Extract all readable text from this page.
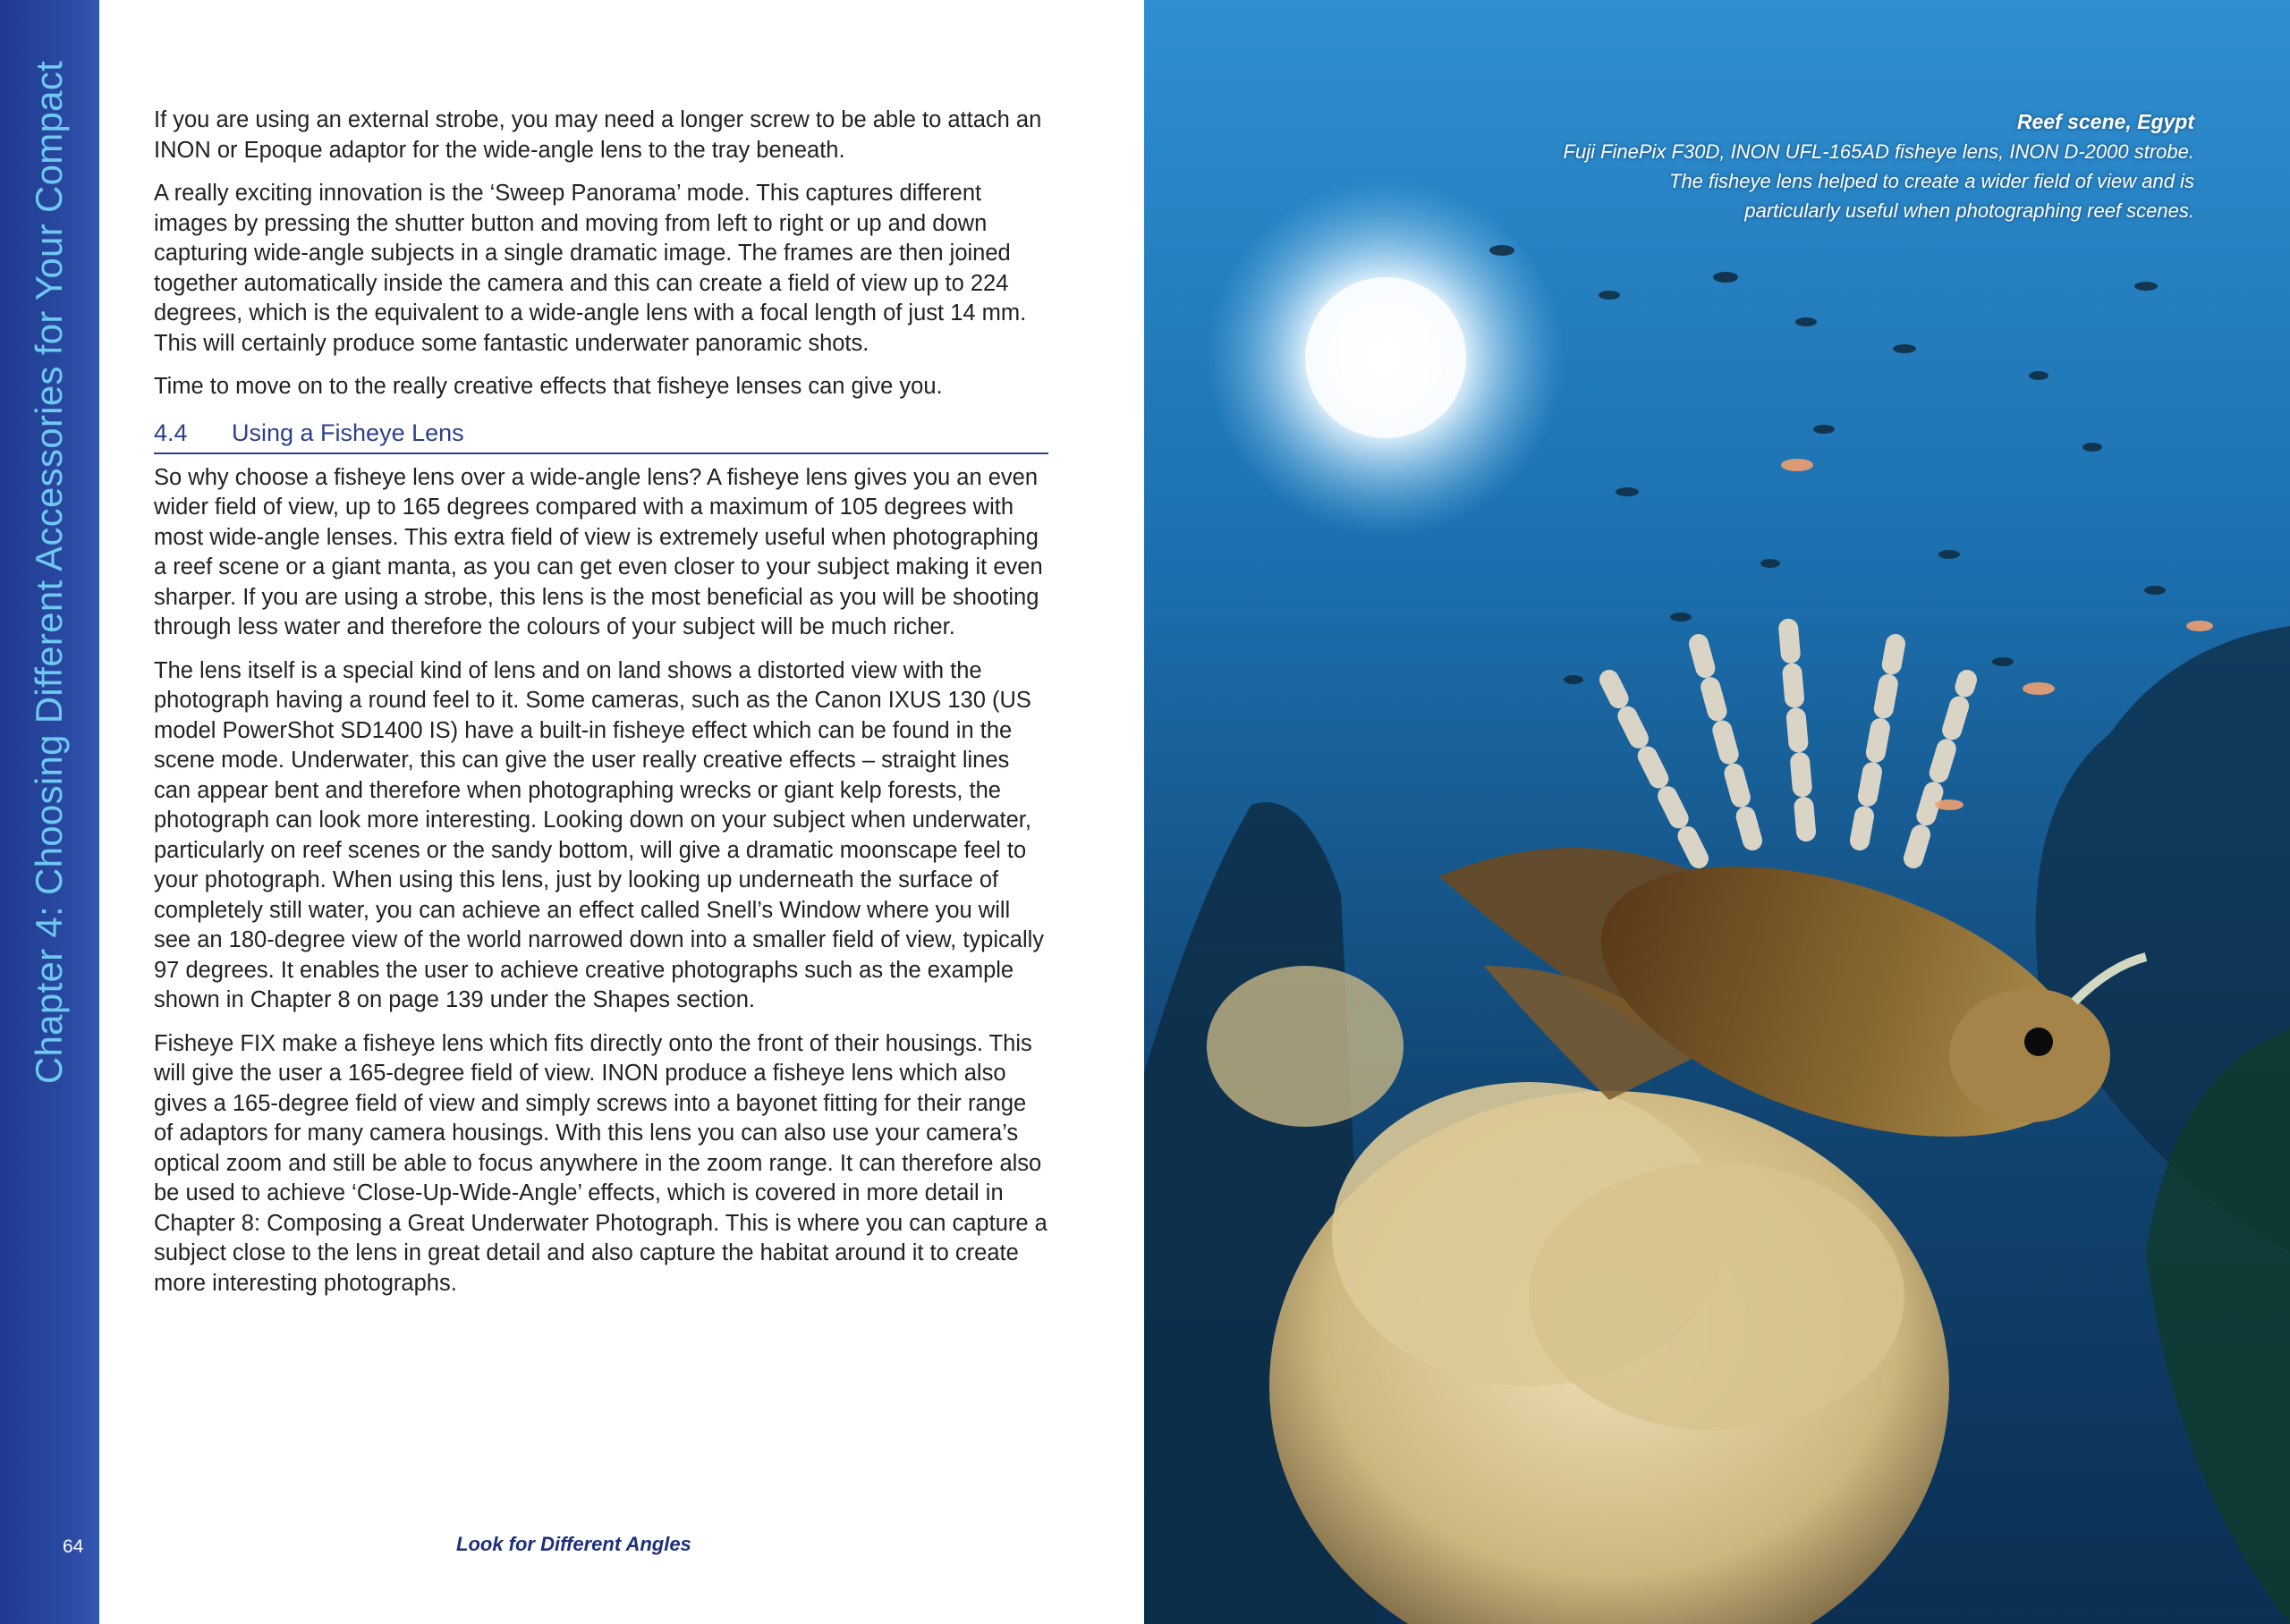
Chapter 4: Choosing Different Accessories for Your Compact
64

If you are using an external strobe, you may need a longer screw to be able to attach an INON or Epoque adaptor for the wide-angle lens to the tray beneath.

A really exciting innovation is the ‘Sweep Panorama’ mode. This captures different images by pressing the shutter button and moving from left to right or up and down capturing wide-angle subjects in a single dramatic image. The frames are then joined together automatically inside the camera and this can create a field of view up to 224 degrees, which is the equivalent to a wide-angle lens with a focal length of just 14 mm. This will certainly produce some fantastic underwater panoramic shots.

Time to move on to the really creative effects that fisheye lenses can give you.

4.4	Using a Fisheye Lens

So why choose a fisheye lens over a wide-angle lens? A fisheye lens gives you an even wider field of view, up to 165 degrees compared with a maximum of 105 degrees with most wide-angle lenses. This extra field of view is extremely useful when photographing a reef scene or a giant manta, as you can get even closer to your subject making it even sharper. If you are using a strobe, this lens is the most beneficial as you will be shooting through less water and therefore the colours of your subject will be much richer.

The lens itself is a special kind of lens and on land shows a distorted view with the photograph having a round feel to it. Some cameras, such as the Canon IXUS 130 (US model PowerShot SD1400 IS) have a built-in fisheye effect which can be found in the scene mode. Underwater, this can give the user really creative effects – straight lines can appear bent and therefore when photographing wrecks or giant kelp forests, the photograph can look more interesting. Looking down on your subject when underwater, particularly on reef scenes or the sandy bottom, will give a dramatic moonscape feel to your photograph. When using this lens, just by looking up underneath the surface of completely still water, you can achieve an effect called Snell’s Window where you will see an 180-degree view of the world narrowed down into a smaller field of view, typically 97 degrees. It enables the user to achieve creative photographs such as the example shown in Chapter 8 on page 139 under the Shapes section.

Fisheye FIX make a fisheye lens which fits directly onto the front of their housings. This will give the user a 165-degree field of view. INON produce a fisheye lens which also gives a 165-degree field of view and simply screws into a bayonet fitting for their range of adaptors for many camera housings. With this lens you can also use your camera’s optical zoom and still be able to focus anywhere in the zoom range. It can therefore also be used to achieve ‘Close-Up-Wide-Angle’ effects, which is covered in more detail in Chapter 8: Composing a Great Underwater Photograph. This is where you can capture a subject close to the lens in great detail and also capture the habitat around it to create more interesting photographs.

Look for Different Angles
Reef scene, Egypt
Fuji FinePix F30D, INON UFL-165AD fisheye lens, INON D-2000 strobe.
The fisheye lens helped to create a wider field of view and is
particularly useful when photographing reef scenes.
